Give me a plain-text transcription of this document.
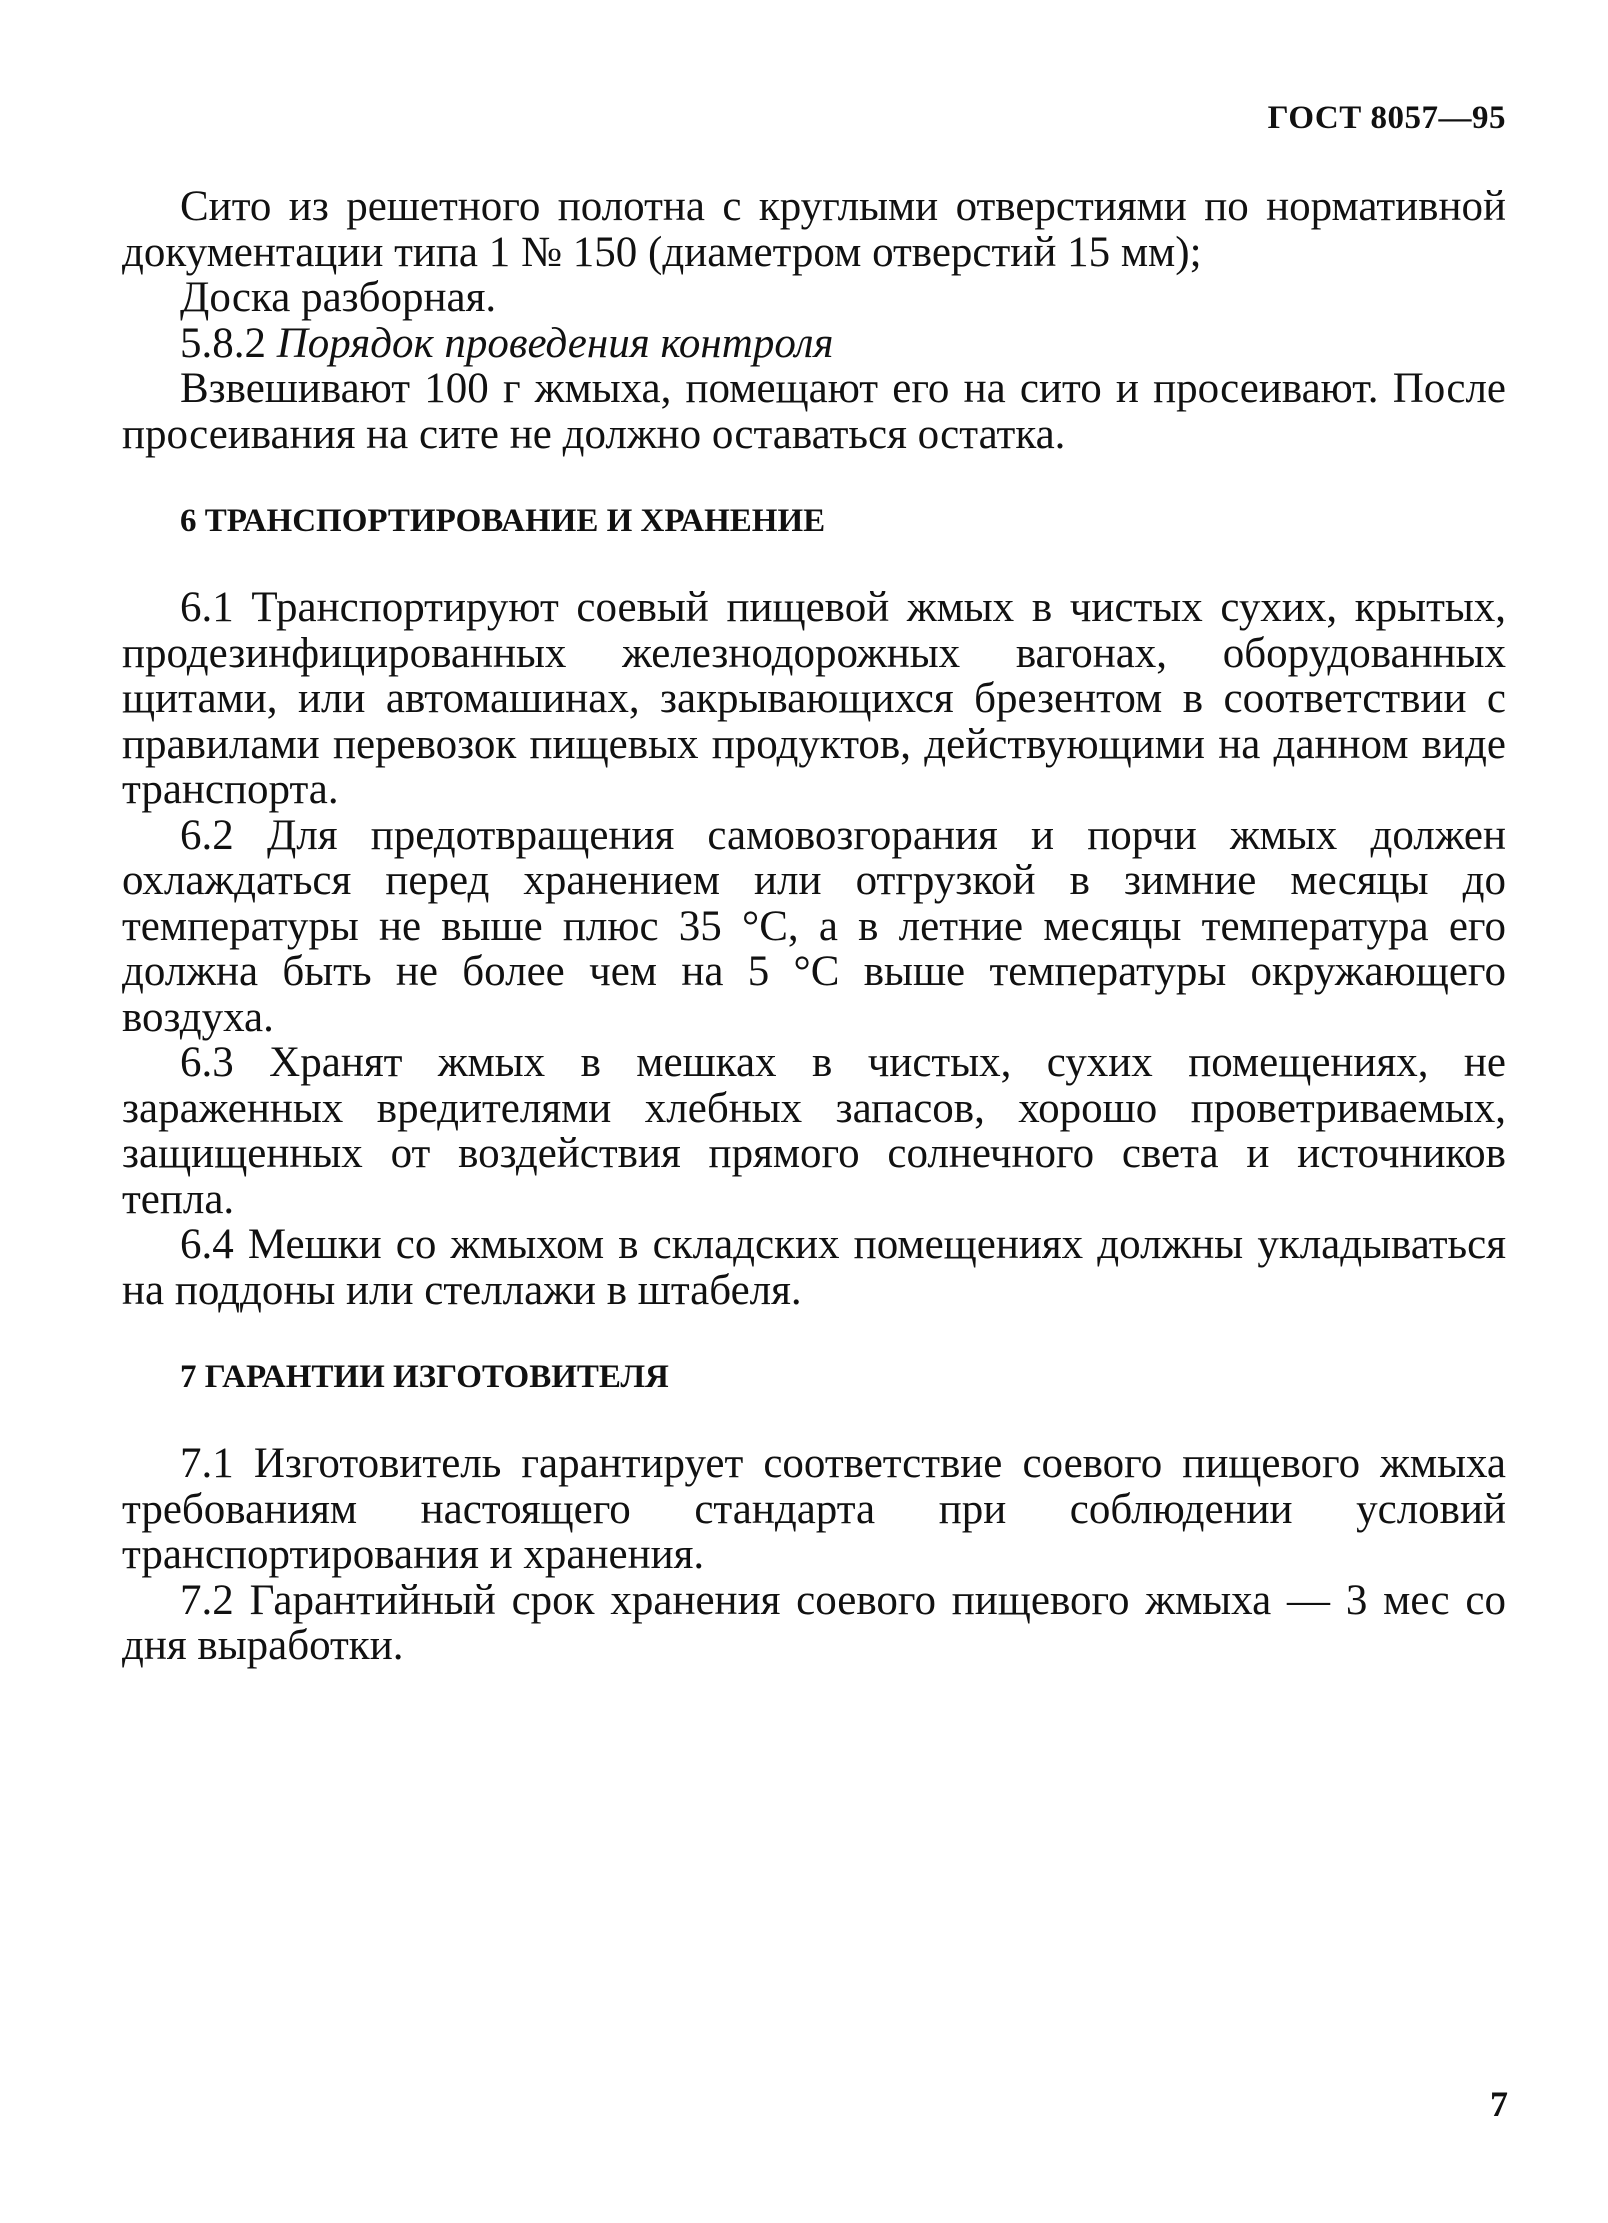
ГОСТ 8057—95

Сито из решетного полотна с круглыми отверстиями по нормативной документации типа 1 № 150 (диаметром отверстий 15 мм);

Доска разборная.

5.8.2 Порядок проведения контроля

Взвешивают 100 г жмыха, помещают его на сито и просеивают. После просеивания на сите не должно оставаться остатка.

6 ТРАНСПОРТИРОВАНИЕ И ХРАНЕНИЕ

6.1 Транспортируют соевый пищевой жмых в чистых сухих, крытых, продезинфицированных железнодорожных вагонах, оборудованных щитами, или автомашинах, закрывающихся брезентом в соответствии с правилами перевозок пищевых продуктов, действующими на данном виде транспорта.

6.2 Для предотвращения самовозгорания и порчи жмых должен охлаждаться перед хранением или отгрузкой в зимние месяцы до температуры не выше плюс 35 °С, а в летние месяцы температура его должна быть не более чем на 5 °С выше температуры окружающего воздуха.

6.3 Хранят жмых в мешках в чистых, сухих помещениях, не зараженных вредителями хлебных запасов, хорошо проветриваемых, защищенных от воздействия прямого солнечного света и источников тепла.

6.4 Мешки со жмыхом в складских помещениях должны укладываться на поддоны или стеллажи в штабеля.

7 ГАРАНТИИ ИЗГОТОВИТЕЛЯ

7.1 Изготовитель гарантирует соответствие соевого пищевого жмыха требованиям настоящего стандарта при соблюдении условий транспортирования и хранения.

7.2 Гарантийный срок хранения соевого пищевого жмыха — 3 мес со дня выработки.

7
